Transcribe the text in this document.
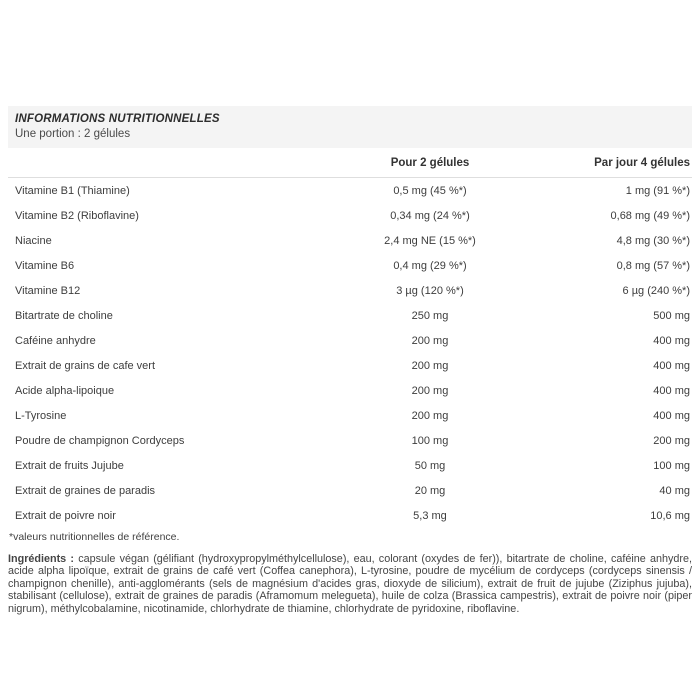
INFORMATIONS NUTRITIONNELLES
Une portion : 2 gélules
Pour 2 gélules	Par jour 4 gélules
Vitamine B1 (Thiamine)	0,5 mg (45 %*)	1 mg (91 %*)
Vitamine B2 (Riboflavine)	0,34 mg (24 %*)	0,68 mg (49 %*)
Niacine	2,4 mg NE (15 %*)	4,8 mg (30 %*)
Vitamine B6	0,4 mg (29 %*)	0,8 mg (57 %*)
Vitamine B12	3 µg (120 %*)	6 µg (240 %*)
Bitartrate de choline	250 mg	500 mg
Caféine anhydre	200 mg	400 mg
Extrait de grains de cafe vert	200 mg	400 mg
Acide alpha-lipoique	200 mg	400 mg
L-Tyrosine	200 mg	400 mg
Poudre de champignon Cordyceps	100 mg	200 mg
Extrait de fruits Jujube	50 mg	100 mg
Extrait de graines de paradis	20 mg	40 mg
Extrait de poivre noir	5,3 mg	10,6 mg
*valeurs nutritionnelles de référence.
Ingrédients : capsule végan (gélifiant (hydroxypropylméthylcellulose), eau, colorant (oxydes de fer)), bitartrate de choline, caféine anhydre, acide alpha lipoïque, extrait de grains de café vert (Coffea canephora), L-tyrosine, poudre de mycélium de cordyceps (cordyceps sinensis / champignon chenille), anti-agglomérants (sels de magnésium d'acides gras, dioxyde de silicium), extrait de fruit de jujube (Ziziphus jujuba), stabilisant (cellulose), extrait de graines de paradis (Aframomum melegueta), huile de colza (Brassica campestris), extrait de poivre noir (piper nigrum), méthylcobalamine, nicotinamide, chlorhydrate de thiamine, chlorhydrate de pyridoxine, riboflavine.
